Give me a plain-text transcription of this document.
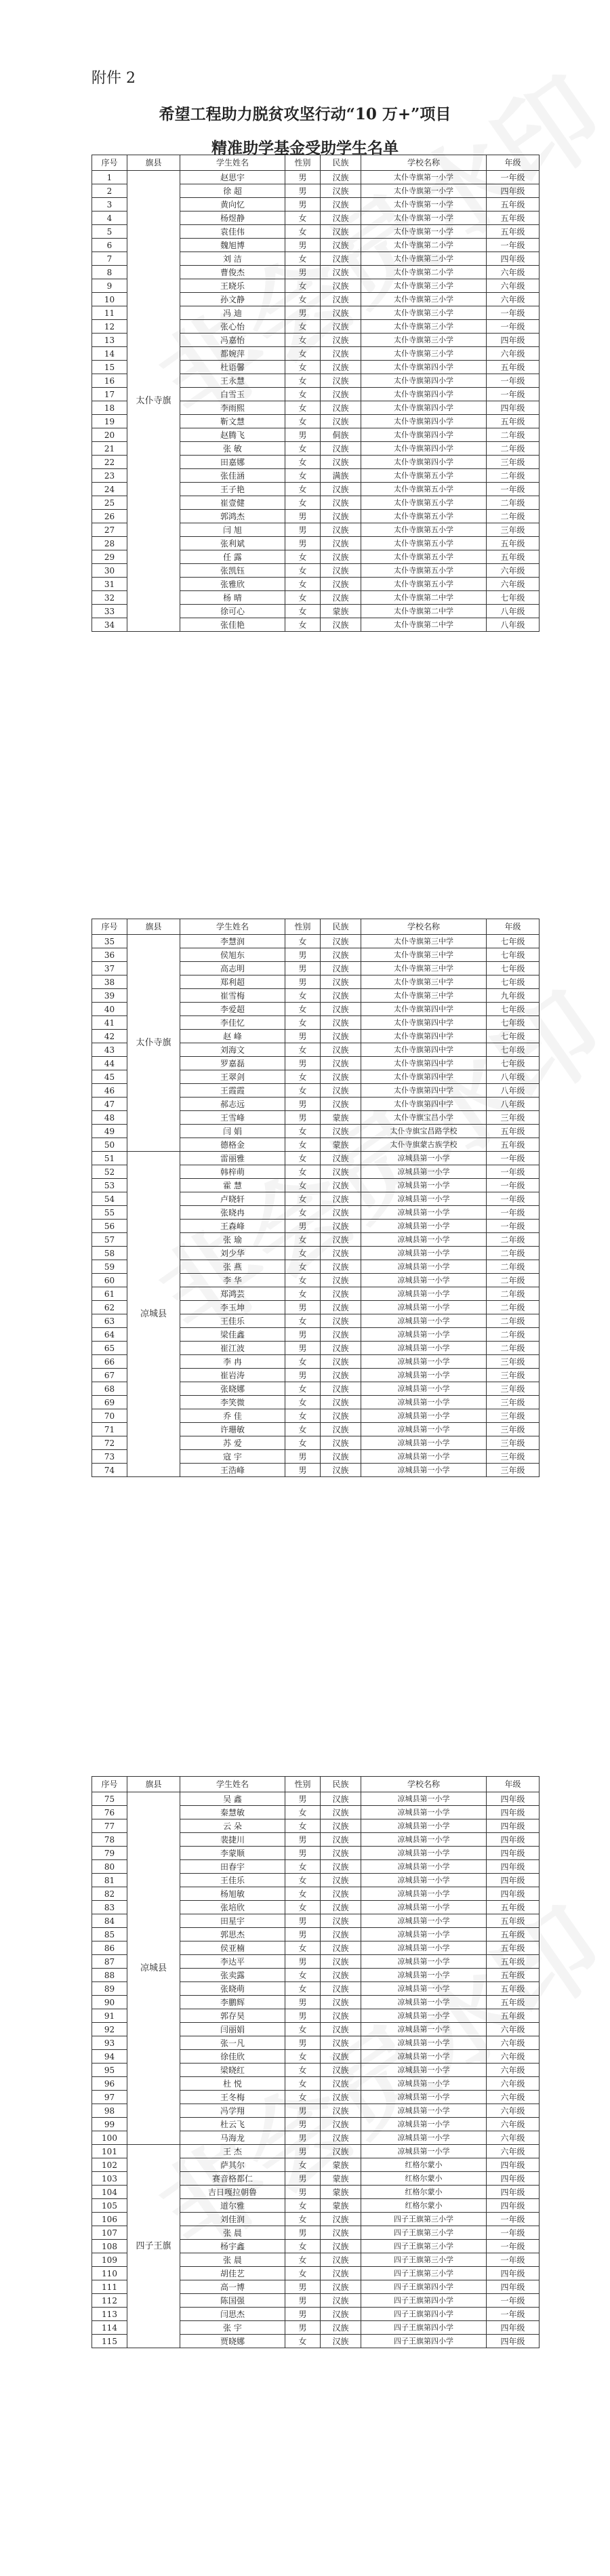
附件 2
希望工程助力脱贫攻坚行动“10 万+”项目
精准助学基金受助学生名单
序号	旗县	学生姓名	性别	民族	学校名称	年级
1	太仆寺旗	赵思宇	男	汉族	太仆寺旗第一小学	一年级
2		徐 超	男	汉族	太仆寺旗第一小学	四年级
3		黄向忆	男	汉族	太仆寺旗第一小学	五年级
4		杨煜静	女	汉族	太仆寺旗第一小学	五年级
5		袁佳伟	女	汉族	太仆寺旗第一小学	五年级
6		魏旭博	男	汉族	太仆寺旗第二小学	一年级
7		刘 洁	女	汉族	太仆寺旗第二小学	四年级
8		曹俊杰	男	汉族	太仆寺旗第二小学	六年级
9		王晓乐	女	汉族	太仆寺旗第三小学	六年级
10		孙文静	女	汉族	太仆寺旗第三小学	六年级
11		冯 迪	男	汉族	太仆寺旗第三小学	一年级
12		张心怡	女	汉族	太仆寺旗第三小学	一年级
13		冯嘉怡	女	汉族	太仆寺旗第三小学	四年级
14		都婉萍	女	汉族	太仆寺旗第三小学	六年级
15		杜语馨	女	汉族	太仆寺旗第四小学	五年级
16		王永慧	女	汉族	太仆寺旗第四小学	一年级
17		白雪玉	女	汉族	太仆寺旗第四小学	一年级
18		李雨熙	女	汉族	太仆寺旗第四小学	四年级
19		靳文慧	女	汉族	太仆寺旗第四小学	五年级
20		赵腾飞	男	侗族	太仆寺旗第四小学	二年级
21		张 敏	女	汉族	太仆寺旗第四小学	二年级
22		田嘉娜	女	汉族	太仆寺旗第四小学	三年级
23		张佳涵	女	满族	太仆寺旗第五小学	二年级
24		王子艳	女	汉族	太仆寺旗第五小学	一年级
25		崔壹健	女	汉族	太仆寺旗第五小学	二年级
26		郭鸿杰	男	汉族	太仆寺旗第五小学	二年级
27		闫 旭	男	汉族	太仆寺旗第五小学	三年级
28		张利斌	男	汉族	太仆寺旗第五小学	五年级
29		任 露	女	汉族	太仆寺旗第五小学	五年级
30		张凯钰	女	汉族	太仆寺旗第五小学	六年级
31		张雅欣	女	汉族	太仆寺旗第五小学	六年级
32		杨 晴	女	汉族	太仆寺旗第二中学	七年级
33		徐可心	女	蒙族	太仆寺旗第二中学	八年级
34		张佳艳	女	汉族	太仆寺旗第二中学	八年级
序号	旗县	学生姓名	性别	民族	学校名称	年级
35	太仆寺旗	李慧润	女	汉族	太仆寺旗第三中学	七年级
36		侯旭东	男	汉族	太仆寺旗第三中学	七年级
37		高志明	男	汉族	太仆寺旗第三中学	七年级
38		郑利超	男	汉族	太仆寺旗第三中学	七年级
39		崔雪梅	女	汉族	太仆寺旗第三中学	九年级
40		李爱超	女	汉族	太仆寺旗第四中学	七年级
41		李佳忆	女	汉族	太仆寺旗第四中学	七年级
42		赵 峰	男	汉族	太仆寺旗第四中学	七年级
43		刘海文	女	汉族	太仆寺旗第四中学	七年级
44		罗嘉磊	男	汉族	太仆寺旗第四中学	七年级
45		王翠剑	女	汉族	太仆寺旗第四中学	八年级
46		王霞霞	女	汉族	太仆寺旗第四中学	八年级
47		郝志远	男	汉族	太仆寺旗第四中学	八年级
48		王雪峰	男	蒙族	太仆寺旗宝昌小学	三年级
49		闫 娟	女	汉族	太仆寺旗宝昌路学校	五年级
50		德格金	女	蒙族	太仆寺旗蒙古族学校	五年级
51	凉城县	雷丽雅	女	汉族	凉城县第一小学	一年级
52		韩梓萌	女	汉族	凉城县第一小学	一年级
53		霍 慧	女	汉族	凉城县第一小学	一年级
54		卢晓轩	女	汉族	凉城县第一小学	一年级
55		张晓冉	女	汉族	凉城县第一小学	一年级
56		王森峰	男	汉族	凉城县第一小学	一年级
57		张 瑜	女	汉族	凉城县第一小学	二年级
58		刘少华	女	汉族	凉城县第一小学	二年级
59		张 燕	女	汉族	凉城县第一小学	二年级
60		李 华	女	汉族	凉城县第一小学	二年级
61		郑鸿芸	女	汉族	凉城县第一小学	二年级
62		李玉坤	男	汉族	凉城县第一小学	二年级
63		王佳乐	女	汉族	凉城县第一小学	二年级
64		梁佳鑫	男	汉族	凉城县第一小学	二年级
65		崔江波	男	汉族	凉城县第一小学	二年级
66		李 冉	女	汉族	凉城县第一小学	三年级
67		崔岩涛	男	汉族	凉城县第一小学	三年级
68		张晓娜	女	汉族	凉城县第一小学	三年级
69		李笑微	女	汉族	凉城县第一小学	三年级
70		乔 佳	女	汉族	凉城县第一小学	三年级
71		许珊敏	女	汉族	凉城县第一小学	三年级
72		苏 爱	女	汉族	凉城县第一小学	三年级
73		寇 宇	男	汉族	凉城县第一小学	三年级
74		王浩峰	男	汉族	凉城县第一小学	三年级
序号	旗县	学生姓名	性别	民族	学校名称	年级
75	凉城县	吴 鑫	男	汉族	凉城县第一小学	四年级
76		秦慧敏	女	汉族	凉城县第一小学	四年级
77		云 朵	女	汉族	凉城县第一小学	四年级
78		裴捷川	男	汉族	凉城县第一小学	四年级
79		李蒙顺	男	汉族	凉城县第一小学	四年级
80		田春宇	女	汉族	凉城县第一小学	四年级
81		王佳乐	女	汉族	凉城县第一小学	四年级
82		杨旭敏	女	汉族	凉城县第一小学	四年级
83		张培欣	女	汉族	凉城县第一小学	五年级
84		田星宇	男	汉族	凉城县第一小学	五年级
85		郭思杰	男	汉族	凉城县第一小学	五年级
86		侯亚楠	女	汉族	凉城县第一小学	五年级
87		李达平	男	汉族	凉城县第一小学	五年级
88		张卖露	女	汉族	凉城县第一小学	五年级
89		张晓萌	女	汉族	凉城县第一小学	五年级
90		李鹏辉	男	汉族	凉城县第一小学	五年级
91		郭存昊	男	汉族	凉城县第一小学	五年级
92		闫丽娟	女	汉族	凉城县第一小学	六年级
93		张一凡	男	汉族	凉城县第一小学	六年级
94		徐佳欣	女	汉族	凉城县第一小学	六年级
95		梁晓红	女	汉族	凉城县第一小学	六年级
96		杜 悦	女	汉族	凉城县第一小学	六年级
97		王冬梅	女	汉族	凉城县第一小学	六年级
98		冯学翔	男	汉族	凉城县第一小学	六年级
99		杜云飞	男	汉族	凉城县第一小学	六年级
100		马海龙	男	汉族	凉城县第一小学	六年级
101	四子王旗	王 杰	男	汉族	凉城县第一小学	六年级
102		萨其尔	女	蒙族	红格尔蒙小	四年级
103		赛音格都仁	男	蒙族	红格尔蒙小	四年级
104		吉日嘎拉朝鲁	男	蒙族	红格尔蒙小	四年级
105		道尔雅	女	蒙族	红格尔蒙小	四年级
106		刘佳润	女	汉族	四子王旗第三小学	一年级
107		张 晨	男	汉族	四子王旗第三小学	一年级
108		杨宇鑫	女	汉族	四子王旗第三小学	一年级
109		张 晨	女	汉族	四子王旗第三小学	一年级
110		胡佳艺	女	汉族	四子王旗第三小学	四年级
111		高一博	男	汉族	四子王旗第四小学	四年级
112		陈国强	男	汉族	四子王旗第四小学	一年级
113		闫思杰	男	汉族	四子王旗第四小学	一年级
114		张 宇	男	汉族	四子王旗第四小学	四年级
115		贾晓娜	女	汉族	四子王旗第四小学	四年级
